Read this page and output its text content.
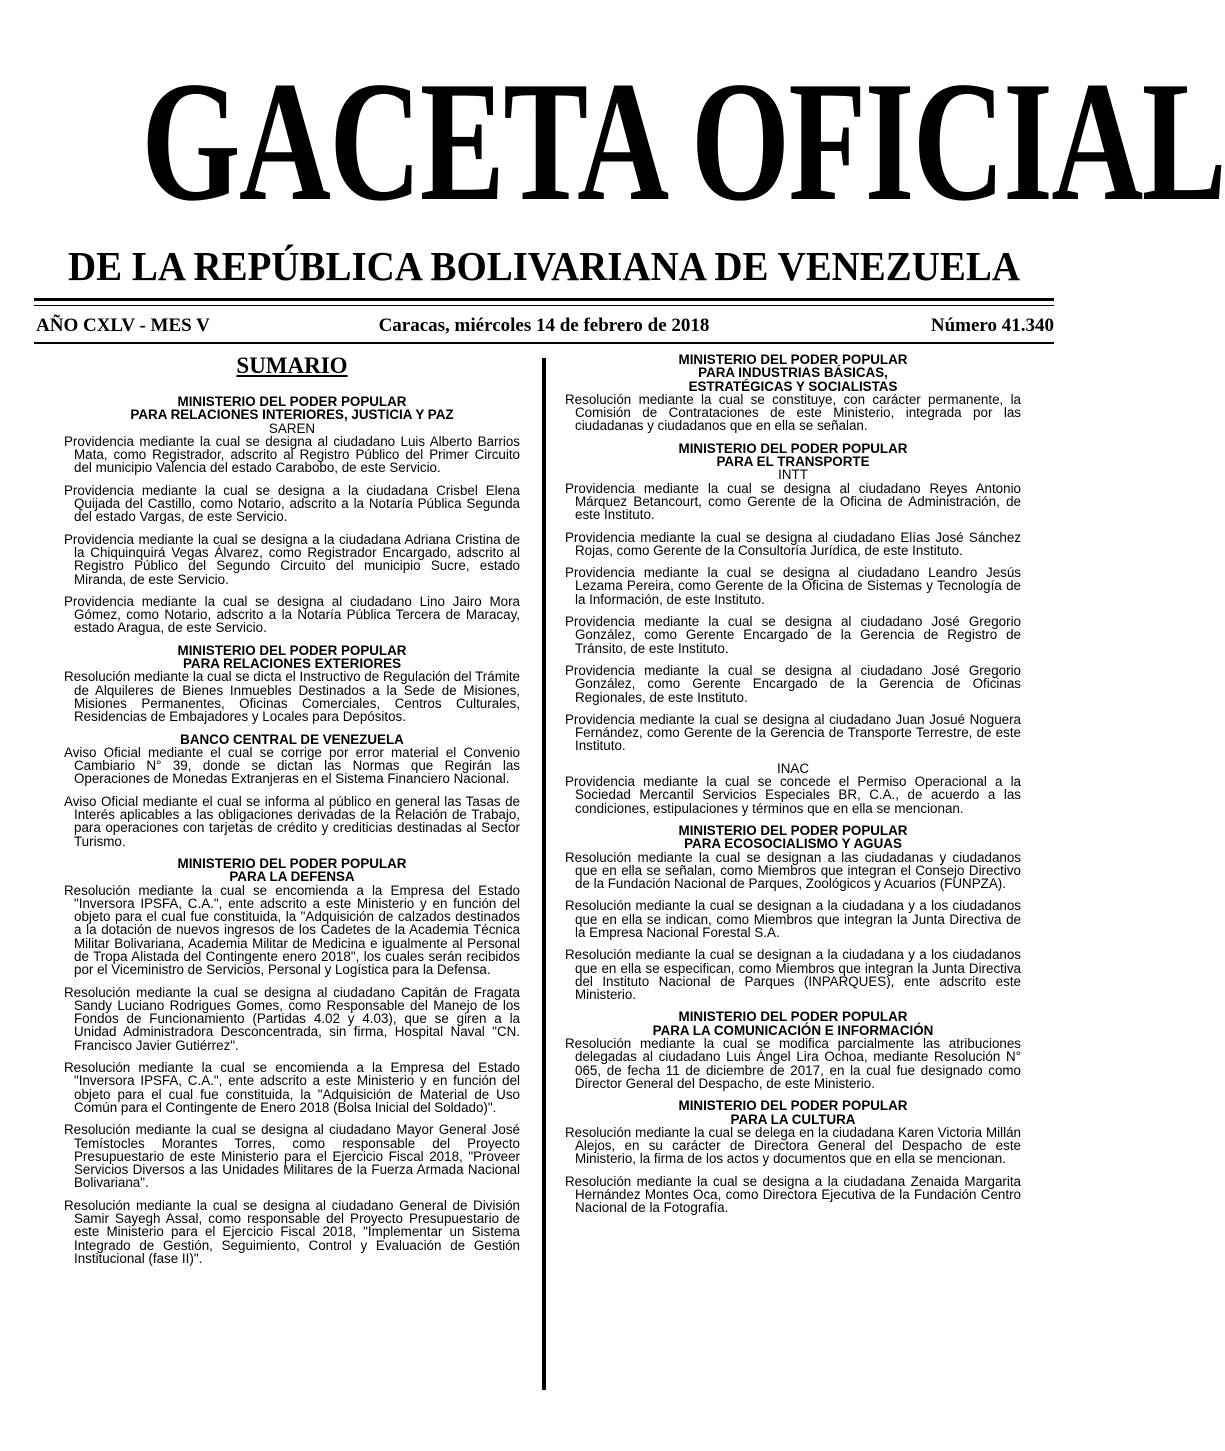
GACETA OFICIAL
DE LA REPÚBLICA BOLIVARIANA DE VENEZUELA
AÑO CXLV - MES V	Caracas, miércoles 14 de febrero de 2018	Número 41.340
SUMARIO
MINISTERIO DEL PODER POPULAR
PARA RELACIONES INTERIORES, JUSTICIA Y PAZ
SAREN

Providencia mediante la cual se designa al ciudadano Luis Alberto Barrios Mata, como Registrador, adscrito al Registro Público del Primer Circuito del municipio Valencia del estado Carabobo, de este Servicio.

Providencia mediante la cual se designa a la ciudadana Crisbel Elena Quijada del Castillo, como Notario, adscrito a la Notaría Pública Segunda del estado Vargas, de este Servicio.

Providencia mediante la cual se designa a la ciudadana Adriana Cristina de la Chiquinquirá Vegas Álvarez, como Registrador Encargado, adscrito al Registro Público del Segundo Circuito del municipio Sucre, estado Miranda, de este Servicio.

Providencia mediante la cual se designa al ciudadano Lino Jairo Mora Gómez, como Notario, adscrito a la Notaría Pública Tercera de Maracay, estado Aragua, de este Servicio.

MINISTERIO DEL PODER POPULAR
PARA RELACIONES EXTERIORES

Resolución mediante la cual se dicta el Instructivo de Regulación del Trámite de Alquileres de Bienes Inmuebles Destinados a la Sede de Misiones, Misiones Permanentes, Oficinas Comerciales, Centros Culturales, Residencias de Embajadores y Locales para Depósitos.

BANCO CENTRAL DE VENEZUELA

Aviso Oficial mediante el cual se corrige por error material el Convenio Cambiario N° 39, donde se dictan las Normas que Regirán las Operaciones de Monedas Extranjeras en el Sistema Financiero Nacional.

Aviso Oficial mediante el cual se informa al público en general las Tasas de Interés aplicables a las obligaciones derivadas de la Relación de Trabajo, para operaciones con tarjetas de crédito y crediticias destinadas al Sector Turismo.

MINISTERIO DEL PODER POPULAR
PARA LA DEFENSA

Resolución mediante la cual se encomienda a la Empresa del Estado "Inversora IPSFA, C.A.", ente adscrito a este Ministerio y en función del objeto para el cual fue constituida, la "Adquisición de calzados destinados a la dotación de nuevos ingresos de los Cadetes de la Academia Técnica Militar Bolivariana, Academia Militar de Medicina e igualmente al Personal de Tropa Alistada del Contingente enero 2018", los cuales serán recibidos por el Viceministro de Servicios, Personal y Logística para la Defensa.

Resolución mediante la cual se designa al ciudadano Capitán de Fragata Sandy Luciano Rodrigues Gomes, como Responsable del Manejo de los Fondos de Funcionamiento (Partidas 4.02 y 4.03), que se giren a la Unidad Administradora Desconcentrada, sin firma, Hospital Naval "CN. Francisco Javier Gutiérrez".

Resolución mediante la cual se encomienda a la Empresa del Estado "Inversora IPSFA, C.A.", ente adscrito a este Ministerio y en función del objeto para el cual fue constituida, la "Adquisición de Material de Uso Común para el Contingente de Enero 2018 (Bolsa Inicial del Soldado)".

Resolución mediante la cual se designa al ciudadano Mayor General José Temístocles Morantes Torres, como responsable del Proyecto Presupuestario de este Ministerio para el Ejercicio Fiscal 2018, "Proveer Servicios Diversos a las Unidades Militares de la Fuerza Armada Nacional Bolivariana".

Resolución mediante la cual se designa al ciudadano General de División Samir Sayegh Assal, como responsable del Proyecto Presupuestario de este Ministerio para el Ejercicio Fiscal 2018, "Implementar un Sistema Integrado de Gestión, Seguimiento, Control y Evaluación de Gestión Institucional (fase II)".

MINISTERIO DEL PODER POPULAR
PARA INDUSTRIAS BÁSICAS,
ESTRATÉGICAS Y SOCIALISTAS

Resolución mediante la cual se constituye, con carácter permanente, la Comisión de Contrataciones de este Ministerio, integrada por las ciudadanas y ciudadanos que en ella se señalan.

MINISTERIO DEL PODER POPULAR
PARA EL TRANSPORTE
INTT

Providencia mediante la cual se designa al ciudadano Reyes Antonio Márquez Betancourt, como Gerente de la Oficina de Administración, de este Instituto.

Providencia mediante la cual se designa al ciudadano Elías José Sánchez Rojas, como Gerente de la Consultoría Jurídica, de este Instituto.

Providencia mediante la cual se designa al ciudadano Leandro Jesús Lezama Pereira, como Gerente de la Oficina de Sistemas y Tecnología de la Información, de este Instituto.

Providencia mediante la cual se designa al ciudadano José Gregorio González, como Gerente Encargado de la Gerencia de Registro de Tránsito, de este Instituto.

Providencia mediante la cual se designa al ciudadano José Gregorio González, como Gerente Encargado de la Gerencia de Oficinas Regionales, de este Instituto.

Providencia mediante la cual se designa al ciudadano Juan Josué Noguera Fernández, como Gerente de la Gerencia de Transporte Terrestre, de este Instituto.

INAC

Providencia mediante la cual se concede el Permiso Operacional a la Sociedad Mercantil Servicios Especiales BR, C.A., de acuerdo a las condiciones, estipulaciones y términos que en ella se mencionan.

MINISTERIO DEL PODER POPULAR
PARA ECOSOCIALISMO Y AGUAS

Resolución mediante la cual se designan a las ciudadanas y ciudadanos que en ella se señalan, como Miembros que integran el Consejo Directivo de la Fundación Nacional de Parques, Zoológicos y Acuarios (FUNPZA).

Resolución mediante la cual se designan a la ciudadana y a los ciudadanos que en ella se indican, como Miembros que integran la Junta Directiva de la Empresa Nacional Forestal S.A.

Resolución mediante la cual se designan a la ciudadana y a los ciudadanos que en ella se especifican, como Miembros que integran la Junta Directiva del Instituto Nacional de Parques (INPARQUES), ente adscrito este Ministerio.

MINISTERIO DEL PODER POPULAR
PARA LA COMUNICACIÓN E INFORMACIÓN

Resolución mediante la cual se modifica parcialmente las atribuciones delegadas al ciudadano Luis Ángel Lira Ochoa, mediante Resolución N° 065, de fecha 11 de diciembre de 2017, en la cual fue designado como Director General del Despacho, de este Ministerio.

MINISTERIO DEL PODER POPULAR
PARA LA CULTURA

Resolución mediante la cual se delega en la ciudadana Karen Victoria Millán Alejos, en su carácter de Directora General del Despacho de este Ministerio, la firma de los actos y documentos que en ella se mencionan.

Resolución mediante la cual se designa a la ciudadana Zenaida Margarita Hernández Montes Oca, como Directora Ejecutiva de la Fundación Centro Nacional de la Fotografía.
